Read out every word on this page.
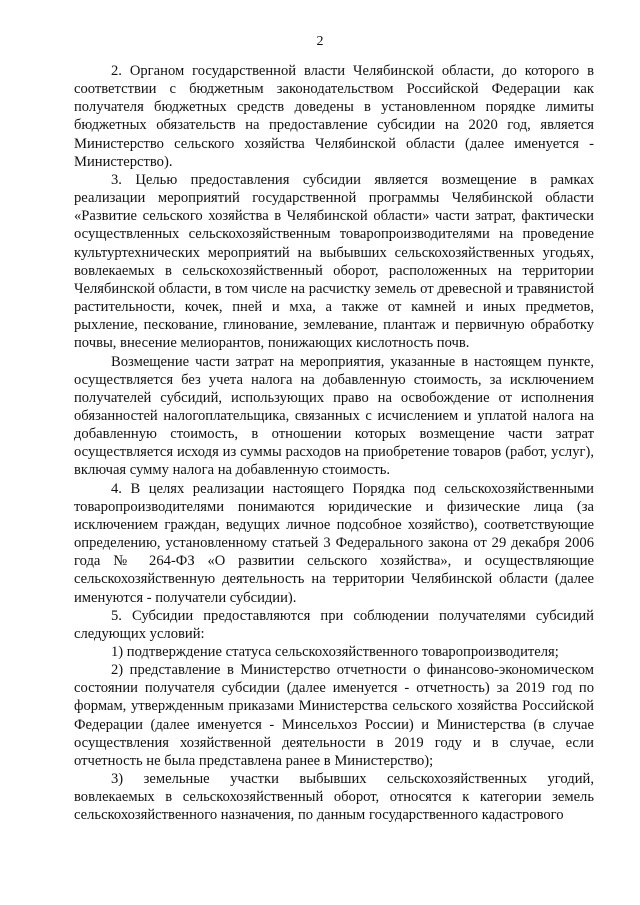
2

2. Органом государственной власти Челябинской области, до которого в соответствии с бюджетным законодательством Российской Федерации как получателя бюджетных средств доведены в установленном порядке лимиты бюджетных обязательств на предоставление субсидии на 2020 год, является Министерство сельского хозяйства Челябинской области (далее именуется - Министерство).

3. Целью предоставления субсидии является возмещение в рамках реализации мероприятий государственной программы Челябинской области «Развитие сельского хозяйства в Челябинской области» части затрат, фактически осуществленных сельскохозяйственным товаропроизводителями на проведение культуртехнических мероприятий на выбывших сельскохозяйственных угодьях, вовлекаемых в сельскохозяйственный оборот, расположенных на территории Челябинской области, в том числе на расчистку земель от древесной и травянистой растительности, кочек, пней и мха, а также от камней и иных предметов, рыхление, пескование, глинование, землевание, плантаж и первичную обработку почвы, внесение мелиорантов, понижающих кислотность почв.

Возмещение части затрат на мероприятия, указанные в настоящем пункте, осуществляется без учета налога на добавленную стоимость, за исключением получателей субсидий, использующих право на освобождение от исполнения обязанностей налогоплательщика, связанных с исчислением и уплатой налога на добавленную стоимость, в отношении которых возмещение части затрат осуществляется исходя из суммы расходов на приобретение товаров (работ, услуг), включая сумму налога на добавленную стоимость.

4. В целях реализации настоящего Порядка под сельскохозяйственными товаропроизводителями понимаются юридические и физические лица (за исключением граждан, ведущих личное подсобное хозяйство), соответствующие определению, установленному статьей 3 Федерального закона от 29 декабря 2006 года № 264-ФЗ «О развитии сельского хозяйства», и осуществляющие сельскохозяйственную деятельность на территории Челябинской области (далее именуются - получатели субсидии).

5. Субсидии предоставляются при соблюдении получателями субсидий следующих условий:

1) подтверждение статуса сельскохозяйственного товаропроизводителя;

2) представление в Министерство отчетности о финансово-экономическом состоянии получателя субсидии (далее именуется - отчетность) за 2019 год по формам, утвержденным приказами Министерства сельского хозяйства Российской Федерации (далее именуется - Минсельхоз России) и Министерства (в случае осуществления хозяйственной деятельности в 2019 году и в случае, если отчетность не была представлена ранее в Министерство);

3) земельные участки выбывших сельскохозяйственных угодий, вовлекаемых в сельскохозяйственный оборот, относятся к категории земель сельскохозяйственного назначения, по данным государственного кадастрового
